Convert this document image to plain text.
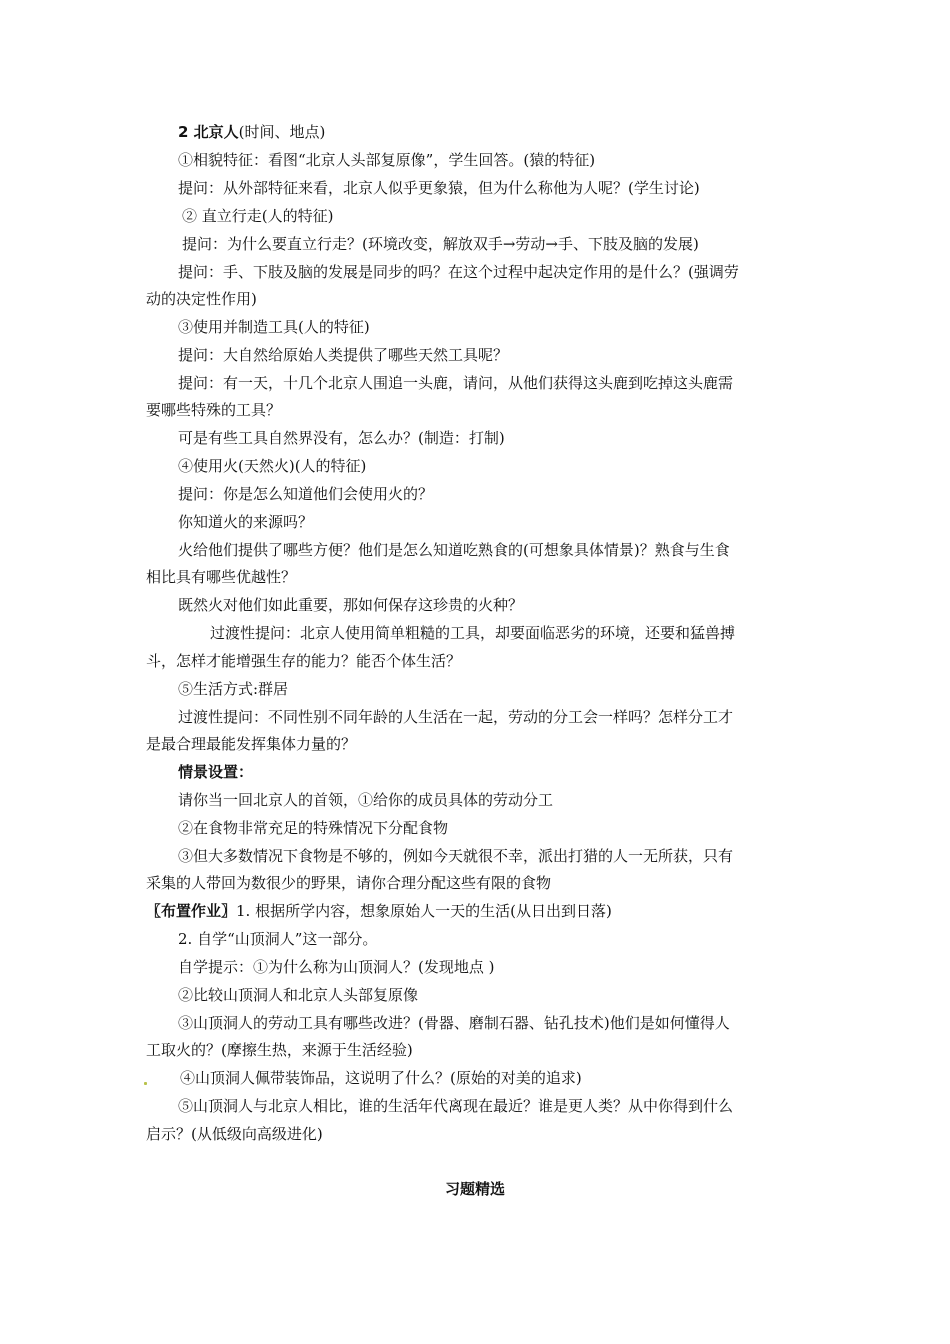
2 北京人(时间、地点)
①相貌特征：看图“北京人头部复原像”，学生回答。(猿的特征)
提问：从外部特征来看，北京人似乎更象猿，但为什么称他为人呢？(学生讨论)
② 直立行走(人的特征)
提问：为什么要直立行走？(环境改变，解放双手→劳动→手、下肢及脑的发展)
提问：手、下肢及脑的发展是同步的吗？在这个过程中起决定作用的是什么？(强调劳
动的决定性作用)
③使用并制造工具(人的特征)
提问：大自然给原始人类提供了哪些天然工具呢？
提问：有一天，十几个北京人围追一头鹿，请问，从他们获得这头鹿到吃掉这头鹿需
要哪些特殊的工具？
可是有些工具自然界没有，怎么办？(制造：打制)
④使用火(天然火)(人的特征)
提问：你是怎么知道他们会使用火的？
你知道火的来源吗？
火给他们提供了哪些方便？他们是怎么知道吃熟食的(可想象具体情景)？熟食与生食
相比具有哪些优越性？
既然火对他们如此重要，那如何保存这珍贵的火种？
过渡性提问：北京人使用简单粗糙的工具，却要面临恶劣的环境，还要和猛兽搏
斗，怎样才能增强生存的能力？能否个体生活？
⑤生活方式:群居
过渡性提问：不同性别不同年龄的人生活在一起，劳动的分工会一样吗？怎样分工才
是最合理最能发挥集体力量的？
情景设置：
请你当一回北京人的首领，①给你的成员具体的劳动分工
②在食物非常充足的特殊情况下分配食物
③但大多数情况下食物是不够的，例如今天就很不幸，派出打猎的人一无所获，只有
采集的人带回为数很少的野果，请你合理分配这些有限的食物
〖布置作业〗1. 根据所学内容，想象原始人一天的生活(从日出到日落)
2. 自学“山顶洞人”这一部分。
自学提示：①为什么称为山顶洞人？(发现地点 )
②比较山顶洞人和北京人头部复原像
③山顶洞人的劳动工具有哪些改进？(骨器、磨制石器、钻孔技术)他们是如何懂得人
工取火的？(摩擦生热，来源于生活经验)
④山顶洞人佩带装饰品，这说明了什么？(原始的对美的追求)
⑤山顶洞人与北京人相比，谁的生活年代离现在最近？谁是更人类？从中你得到什么
启示？(从低级向高级进化)
习题精选
